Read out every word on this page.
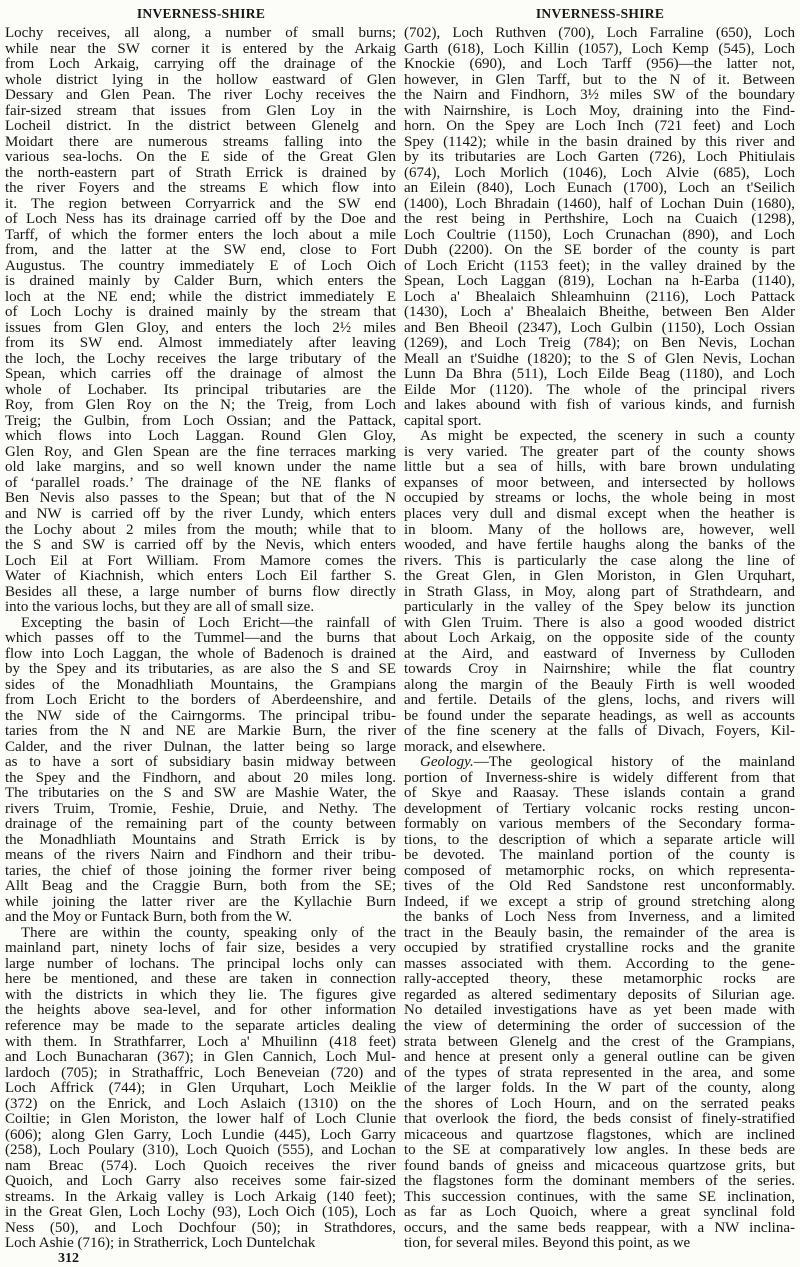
INVERNESS-SHIRE	INVERNESS-SHIRE
Lochy receives, all along, a number of small burns;
while near the SW corner it is entered by the Arkaig
from Loch Arkaig, carrying off the drainage of the
whole district lying in the hollow eastward of Glen
Dessary and Glen Pean. The river Lochy receives the
fair-sized stream that issues from Glen Loy in the
Locheil district. In the district between Glenelg and
Moidart there are numerous streams falling into the
various sea-lochs. On the E side of the Great Glen
the north-eastern part of Strath Errick is drained by
the river Foyers and the streams E which flow into
it. The region between Corryarrick and the SW end
of Loch Ness has its drainage carried off by the Doe and
Tarff, of which the former enters the loch about a mile
from, and the latter at the SW end, close to Fort
Augustus. The country immediately E of Loch Oich
is drained mainly by Calder Burn, which enters the
loch at the NE end; while the district immediately E
of Loch Lochy is drained mainly by the stream that
issues from Glen Gloy, and enters the loch 2½ miles
from its SW end. Almost immediately after leaving
the loch, the Lochy receives the large tributary of the
Spean, which carries off the drainage of almost the
whole of Lochaber. Its principal tributaries are the
Roy, from Glen Roy on the N; the Treig, from Loch
Treig; the Gulbin, from Loch Ossian; and the Pattack,
which flows into Loch Laggan. Round Glen Gloy,
Glen Roy, and Glen Spean are the fine terraces marking
old lake margins, and so well known under the name
of ‘parallel roads.’ The drainage of the NE flanks of
Ben Nevis also passes to the Spean; but that of the N
and NW is carried off by the river Lundy, which enters
the Lochy about 2 miles from the mouth; while that to
the S and SW is carried off by the Nevis, which enters
Loch Eil at Fort William. From Mamore comes the
Water of Kiachnish, which enters Loch Eil farther S.
Besides all these, a large number of burns flow directly
into the various lochs, but they are all of small size.
Excepting the basin of Loch Ericht—the rainfall of
which passes off to the Tummel—and the burns that
flow into Loch Laggan, the whole of Badenoch is drained
by the Spey and its tributaries, as are also the S and SE
sides of the Monadhliath Mountains, the Grampians
from Loch Ericht to the borders of Aberdeenshire, and
the NW side of the Cairngorms. The principal tribu-
taries from the N and NE are Markie Burn, the river
Calder, and the river Dulnan, the latter being so large
as to have a sort of subsidiary basin midway between
the Spey and the Findhorn, and about 20 miles long.
The tributaries on the S and SW are Mashie Water, the
rivers Truim, Tromie, Feshie, Druie, and Nethy. The
drainage of the remaining part of the county between
the Monadhliath Mountains and Strath Errick is by
means of the rivers Nairn and Findhorn and their tribu-
taries, the chief of those joining the former river being
Allt Beag and the Craggie Burn, both from the SE;
while joining the latter river are the Kyllachie Burn
and the Moy or Funtack Burn, both from the W.
There are within the county, speaking only of the
mainland part, ninety lochs of fair size, besides a very
large number of lochans. The principal lochs only can
here be mentioned, and these are taken in connection
with the districts in which they lie. The figures give
the heights above sea-level, and for other information
reference may be made to the separate articles dealing
with them. In Strathfarrer, Loch a' Mhuilinn (418 feet)
and Loch Bunacharan (367); in Glen Cannich, Loch Mul-
lardoch (705); in Strathaffric, Loch Beneveian (720) and
Loch Affrick (744); in Glen Urquhart, Loch Meiklie
(372) on the Enrick, and Loch Aslaich (1310) on the
Coiltie; in Glen Moriston, the lower half of Loch Clunie
(606); along Glen Garry, Loch Lundie (445), Loch Garry
(258), Loch Poulary (310), Loch Quoich (555), and Lochan
nam Breac (574). Loch Quoich receives the river
Quoich, and Loch Garry also receives some fair-sized
streams. In the Arkaig valley is Loch Arkaig (140 feet);
in the Great Glen, Loch Lochy (93), Loch Oich (105), Loch
Ness (50), and Loch Dochfour (50); in Strathdores,
Loch Ashie (716); in Stratherrick, Loch Duntelchak
(702), Loch Ruthven (700), Loch Farraline (650), Loch
Garth (618), Loch Killin (1057), Loch Kemp (545), Loch
Knockie (690), and Loch Tarff (956)—the latter not,
however, in Glen Tarff, but to the N of it. Between
the Nairn and Findhorn, 3½ miles SW of the boundary
with Nairnshire, is Loch Moy, draining into the Find-
horn. On the Spey are Loch Inch (721 feet) and Loch
Spey (1142); while in the basin drained by this river and
by its tributaries are Loch Garten (726), Loch Phitiulais
(674), Loch Morlich (1046), Loch Alvie (685), Loch
an Eilein (840), Loch Eunach (1700), Loch an t'Seilich
(1400), Loch Bhradain (1460), half of Lochan Duin (1680),
the rest being in Perthshire, Loch na Cuaich (1298),
Loch Coultrie (1150), Loch Crunachan (890), and Loch
Dubh (2200). On the SE border of the county is part
of Loch Ericht (1153 feet); in the valley drained by the
Spean, Loch Laggan (819), Lochan na h-Earba (1140),
Loch a' Bhealaich Shleamhuinn (2116), Loch Pattack
(1430), Loch a' Bhealaich Bheithe, between Ben Alder
and Ben Bheoil (2347), Loch Gulbin (1150), Loch Ossian
(1269), and Loch Treig (784); on Ben Nevis, Lochan
Meall an t'Suidhe (1820); to the S of Glen Nevis, Lochan
Lunn Da Bhra (511), Loch Eilde Beag (1180), and Loch
Eilde Mor (1120). The whole of the principal rivers
and lakes abound with fish of various kinds, and furnish
capital sport.
As might be expected, the scenery in such a county
is very varied. The greater part of the county shows
little but a sea of hills, with bare brown undulating
expanses of moor between, and intersected by hollows
occupied by streams or lochs, the whole being in most
places very dull and dismal except when the heather is
in bloom. Many of the hollows are, however, well
wooded, and have fertile haughs along the banks of the
rivers. This is particularly the case along the line of
the Great Glen, in Glen Moriston, in Glen Urquhart,
in Strath Glass, in Moy, along part of Strathdearn, and
particularly in the valley of the Spey below its junction
with Glen Truim. There is also a good wooded district
about Loch Arkaig, on the opposite side of the county
at the Aird, and eastward of Inverness by Culloden
towards Croy in Nairnshire; while the flat country
along the margin of the Beauly Firth is well wooded
and fertile. Details of the glens, lochs, and rivers will
be found under the separate headings, as well as accounts
of the fine scenery at the falls of Divach, Foyers, Kil-
morack, and elsewhere.
Geology.—The geological history of the mainland
portion of Inverness-shire is widely different from that
of Skye and Raasay. These islands contain a grand
development of Tertiary volcanic rocks resting uncon-
formably on various members of the Secondary forma-
tions, to the description of which a separate article will
be devoted. The mainland portion of the county is
composed of metamorphic rocks, on which representa-
tives of the Old Red Sandstone rest unconformably.
Indeed, if we except a strip of ground stretching along
the banks of Loch Ness from Inverness, and a limited
tract in the Beauly basin, the remainder of the area is
occupied by stratified crystalline rocks and the granite
masses associated with them. According to the gene-
rally-accepted theory, these metamorphic rocks are
regarded as altered sedimentary deposits of Silurian age.
No detailed investigations have as yet been made with
the view of determining the order of succession of the
strata between Glenelg and the crest of the Grampians,
and hence at present only a general outline can be given
of the types of strata represented in the area, and some
of the larger folds. In the W part of the county, along
the shores of Loch Hourn, and on the serrated peaks
that overlook the fiord, the beds consist of finely-stratified
micaceous and quartzose flagstones, which are inclined
to the SE at comparatively low angles. In these beds are
found bands of gneiss and micaceous quartzose grits, but
the flagstones form the dominant members of the series.
This succession continues, with the same SE inclination,
as far as Loch Quoich, where a great synclinal fold
occurs, and the same beds reappear, with a NW inclina-
tion, for several miles. Beyond this point, as we
312
